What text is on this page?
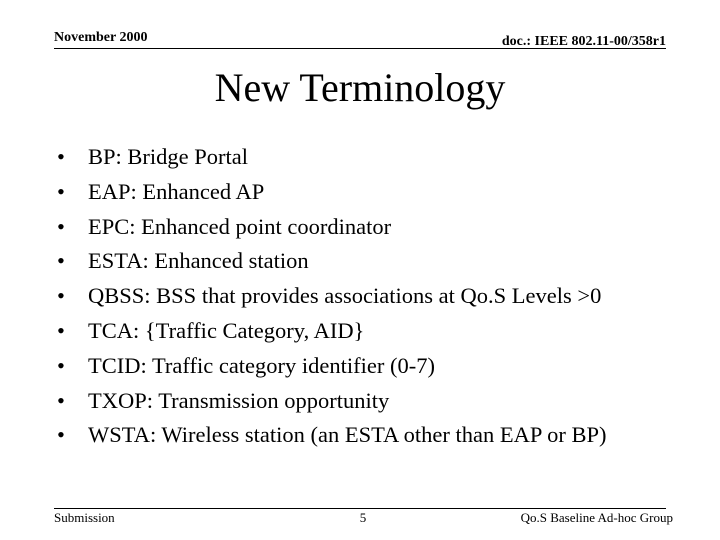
November 2000	doc.: IEEE 802.11-00/358r1
New Terminology
•	BP: Bridge Portal
•	EAP: Enhanced AP
•	EPC: Enhanced point coordinator
•	ESTA: Enhanced station
•	QBSS: BSS that provides associations at Qo.S Levels >0
•	TCA: {Traffic Category, AID}
•	TCID: Traffic category identifier (0-7)
•	TXOP: Transmission opportunity
•	WSTA: Wireless station (an ESTA other than EAP or BP)
Submission	5	Qo.S Baseline Ad-hoc Group
